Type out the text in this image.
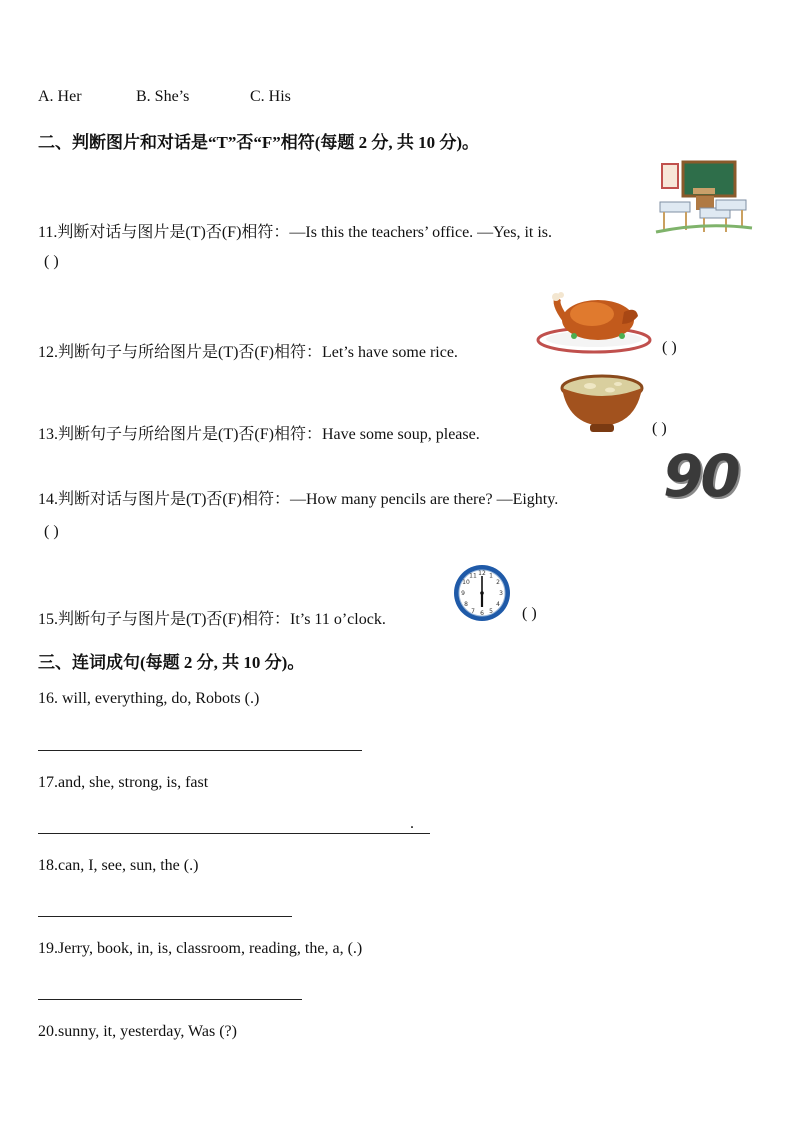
A. Her	B. She’s	C. His
二、判断图片和对话是“T”否“F”相符(每题 2 分, 共 10 分)。
11.判断对话与图片是(T)否(F)相符：—Is this the teachers’ office. —Yes, it is.
( )
12.判断句子与所给图片是(T)否(F)相符：Let’s have some rice.	( )
13.判断句子与所给图片是(T)否(F)相符：Have some soup, please.	( )
14.判断对话与图片是(T)否(F)相符：—How many pencils are there? —Eighty.
( )
90
15.判断句子与图片是(T)否(F)相符：It’s 11 o’clock.	( )
12 1
2
3
4
5
6
7
8
9
10
11
三、连词成句(每题 2 分, 共 10 分)。
16. will, everything, do, Robots (.)
17.and, she, strong, is, fast
.
18.can, I, see, sun, the (.)
19.Jerry, book, in, is, classroom, reading, the, a, (.)
20.sunny, it, yesterday, Was (?)
